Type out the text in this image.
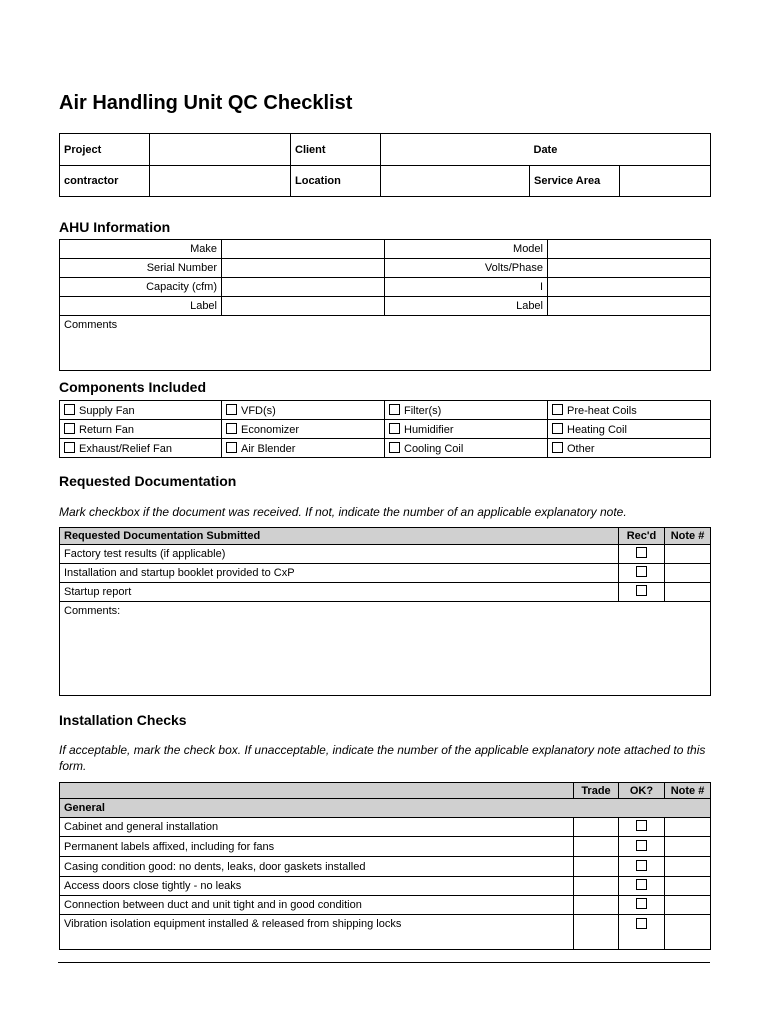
Air Handling Unit QC Checklist
Project		Client		Date	
contractor		Location		Service Area	
AHU Information
Make		Model	
Serial Number		Volts/Phase	
Capacity (cfm)		I	
Label		Label	
Comments			
Components Included
Supply Fan	VFD(s)	Filter(s)	Pre-heat Coils
Return Fan	Economizer	Humidifier	Heating Coil
Exhaust/Relief Fan	Air Blender	Cooling Coil	Other
Requested Documentation

Mark checkbox if the document was received. If not, indicate the number of an applicable explanatory note.

Requested Documentation Submitted	Rec'd	Note #
Factory test results (if applicable)		
Installation and startup booklet provided to CxP		
Startup report		
Comments:		
Installation Checks

If acceptable, mark the check box. If unacceptable, indicate the number of the applicable explanatory note attached to this form.

	Trade	OK?	Note #
General			
Cabinet and general installation			
Permanent labels affixed, including for fans			
Casing condition good: no dents, leaks, door gaskets installed			
Access doors close tightly - no leaks			
Connection between duct and unit tight and in good condition			
Vibration isolation equipment installed & released from shipping locks			
